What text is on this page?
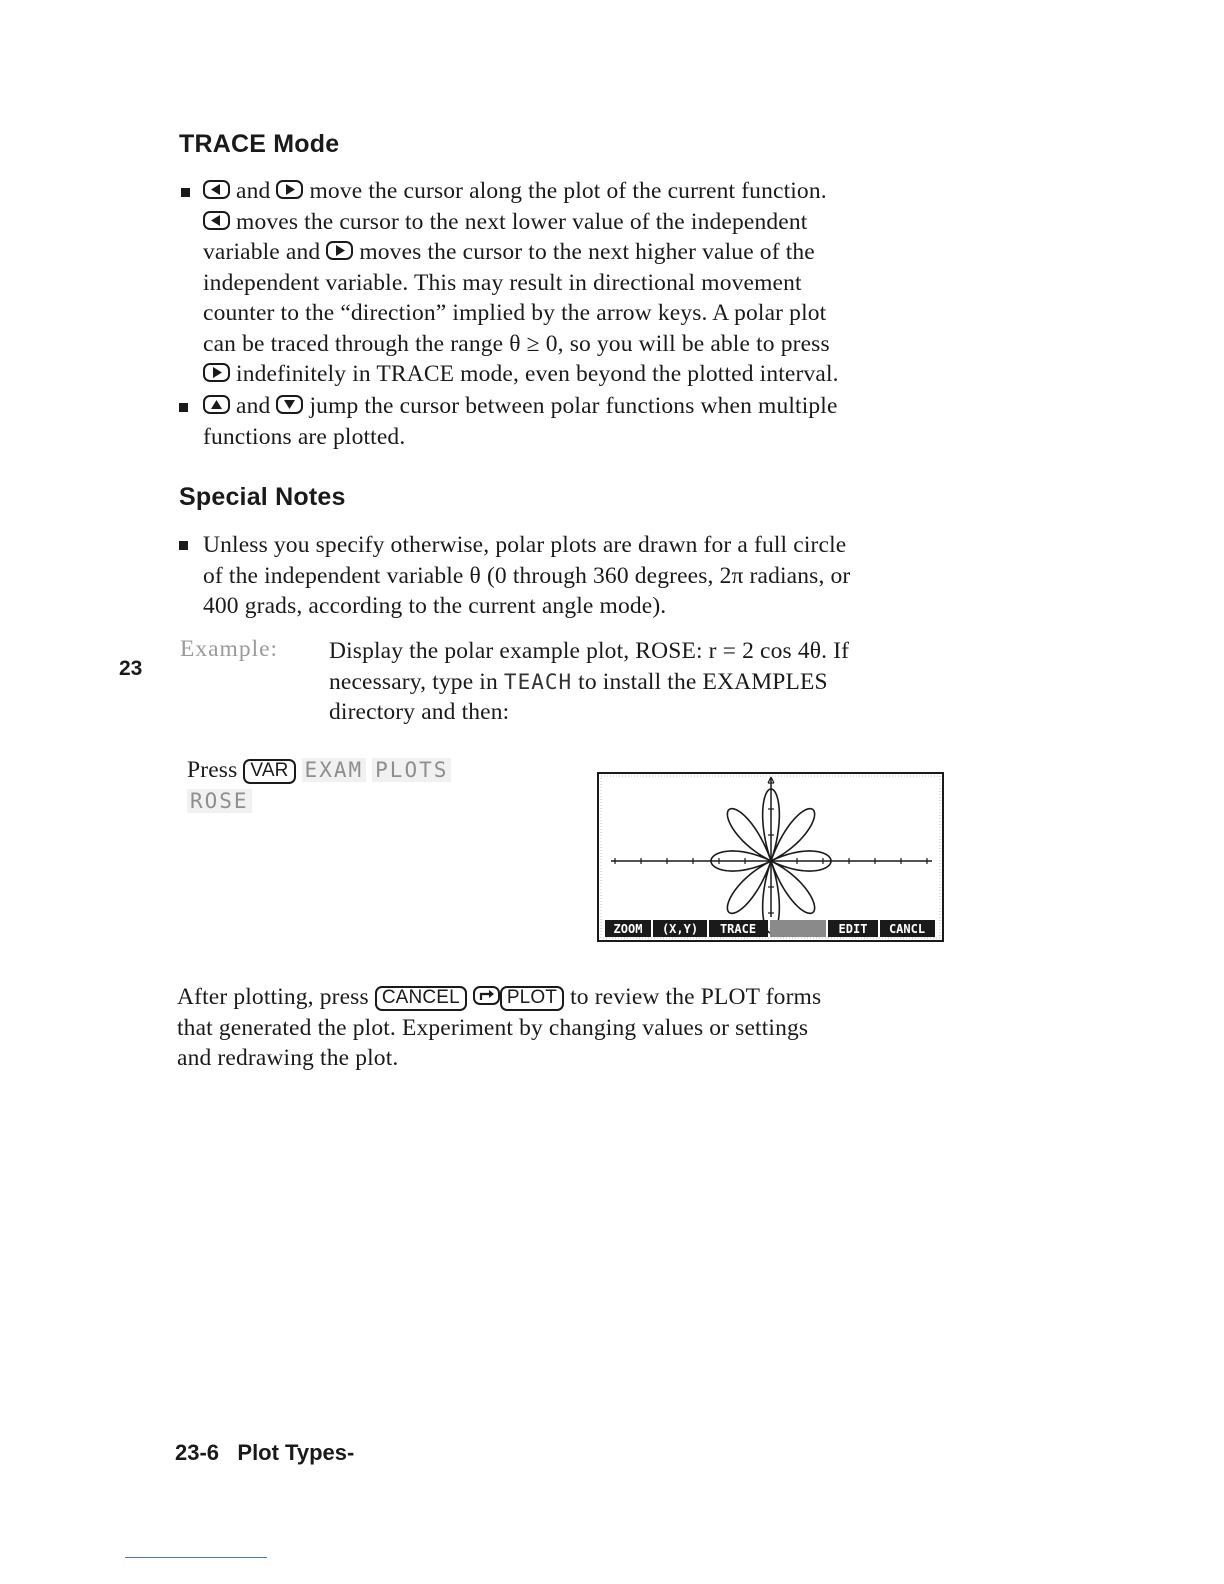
TRACE Mode
and move the cursor along the plot of the current function.
moves the cursor to the next lower value of the independent
variable and moves the cursor to the next higher value of the
independent variable. This may result in directional movement
counter to the “direction” implied by the arrow keys. A polar plot
can be traced through the range θ ≥ 0, so you will be able to press
indefinitely in TRACE mode, even beyond the plotted interval.
and jump the cursor between polar functions when multiple
functions are plotted.
Special Notes
Unless you specify otherwise, polar plots are drawn for a full circle
of the independent variable θ (0 through 360 degrees, 2π radians, or
400 grads, according to the current angle mode).
23
Example: Display the polar example plot, ROSE: r = 2 cos 4θ. If
necessary, type in TEACH to install the EXAMPLES
directory and then:
Press VAR EXAM PLOTS
ROSE
ZOOM (X,Y) TRACE	EDIT CANCL
After plotting, press CANCEL PLOT to review the PLOT forms
that generated the plot. Experiment by changing values or settings
and redrawing the plot.
23-6 Plot Types-
